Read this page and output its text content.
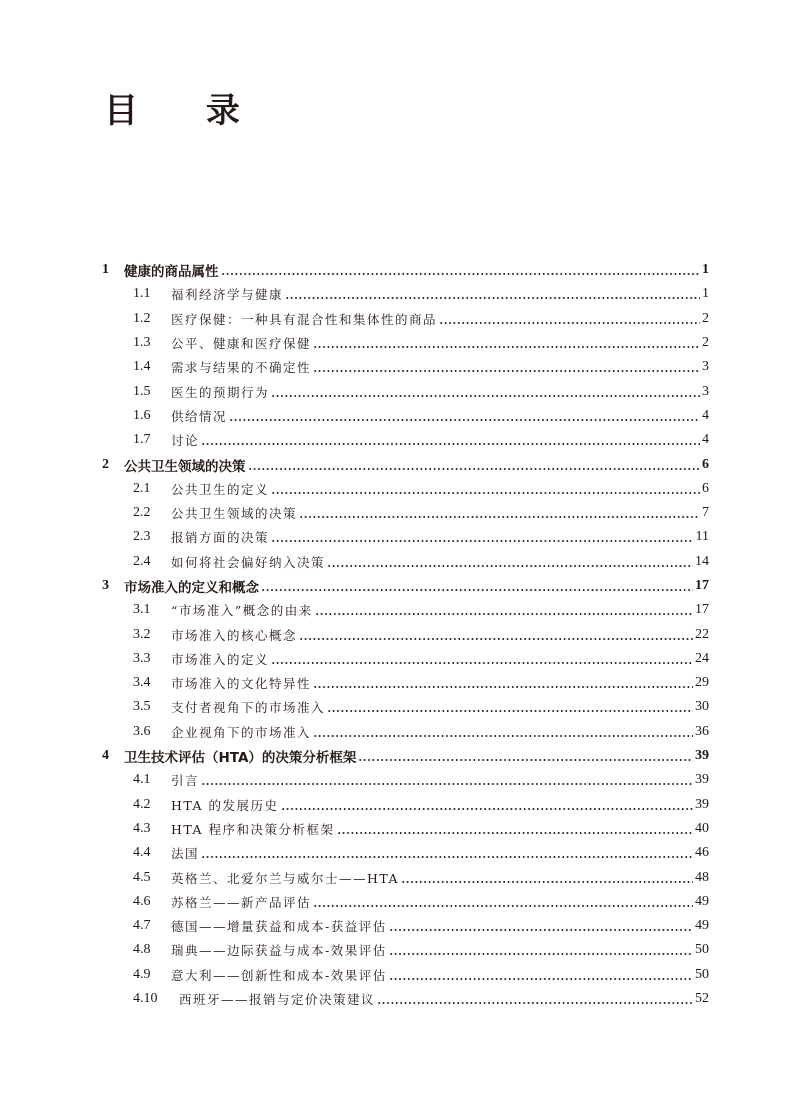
目 录
1	健康的商品属性	1
1.1	福利经济学与健康	1
1.2	医疗保健：一种具有混合性和集体性的商品	2
1.3	公平、健康和医疗保健	2
1.4	需求与结果的不确定性	3
1.5	医生的预期行为	3
1.6	供给情况	4
1.7	讨论	4
2	公共卫生领域的决策	6
2.1	公共卫生的定义	6
2.2	公共卫生领域的决策	7
2.3	报销方面的决策	11
2.4	如何将社会偏好纳入决策	14
3	市场准入的定义和概念	17
3.1	“市场准入”概念的由来	17
3.2	市场准入的核心概念	22
3.3	市场准入的定义	24
3.4	市场准入的文化特异性	29
3.5	支付者视角下的市场准入	30
3.6	企业视角下的市场准入	36
4	卫生技术评估（HTA）的决策分析框架	39
4.1	引言	39
4.2	HTA 的发展历史	39
4.3	HTA 程序和决策分析框架	40
4.4	法国	46
4.5	英格兰、北爱尔兰与威尔士——HTA	48
4.6	苏格兰——新产品评估	49
4.7	德国——增量获益和成本-获益评估	49
4.8	瑞典——边际获益与成本-效果评估	50
4.9	意大利——创新性和成本-效果评估	50
4.10	西班牙——报销与定价决策建议	52
